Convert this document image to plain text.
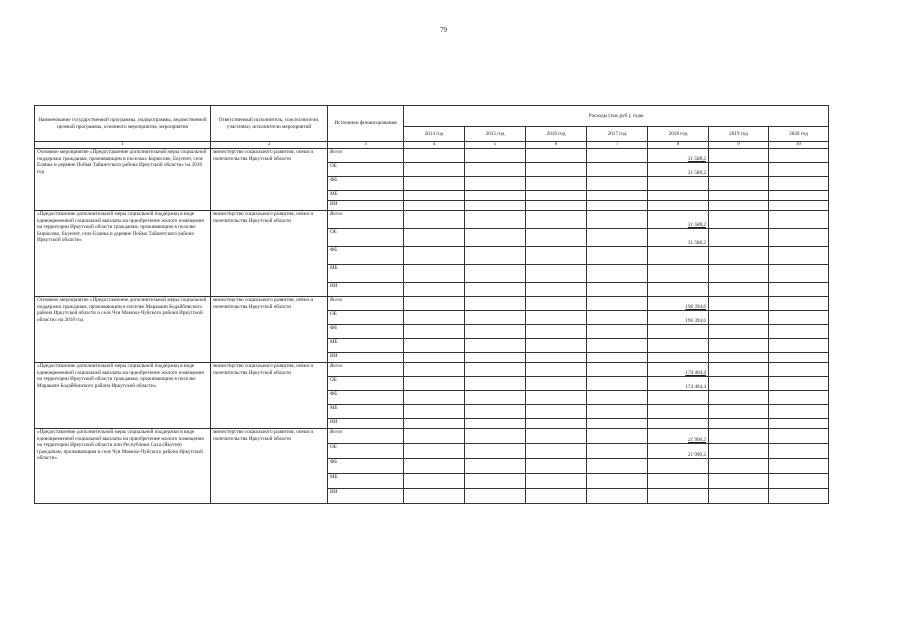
79
Наименование государственной программы, подпрограммы, ведомственной целевой программы, основного мероприятия, мероприятия	Ответственный исполнитель, соисполнители, участники, исполнители мероприятий	Источники финансирования	Расходы (тыс.руб.), годы						
			2014 год	2015 год	2016 год	2017 год	2018 год	2019 год	2020 год
1	2	3	4	5	6	7	8	9	10
Основное мероприятие «Предоставление дополнительной меры социальной поддержки гражданам, проживающим в поселках Бирюсово, Екунчет, селе Еланка и деревне Пойма Тайшетского района Иркутской области» на 2018 год	министерство социального развития, опеки и попечительства Иркутской области	Всего					31 588,2		
		ОБ					31 588,2		
		ФБ							
		МБ							
		ИИ							
«Предоставление дополнительной меры социальной поддержки в виде единовременной социальной выплаты на приобретение жилого помещения на территории Иркутской области гражданам, проживающим в поселке Бирюсово, Екунчет, селе Еланка и деревне Пойма Тайшетского района Иркутской области»	министерство социального развития, опеки и попечительства Иркутской области	Всего					31 588,2		
		ОБ					31 588,2		
		ФБ							
		МБ							
		ИИ							
Основное мероприятие «Предоставление дополнительной меры социальной поддержки гражданам, проживающим в поселке Мараканн Бодайбинского района Иркутской области и селе Чуя Мамско-Чуйского района Иркутской области» на 2018 год	министерство социального развития, опеки и попечительства Иркутской области	Всего					196 394,6		
		ОБ					196 394,6		
		ФБ							
		МБ							
		ИИ							
«Предоставление дополнительной меры социальной поддержки в виде единовременной социальной выплаты на приобретение жилого помещения на территории Иркутской области гражданам, проживающим в поселке Мараканн Бодайбинского района Иркутской области»	министерство социального развития, опеки и попечительства Иркутской области	Всего					174 404,4		
		ОБ					174 404,4		
		ФБ							
		МБ							
		ИИ							
«Предоставление дополнительной меры социальной поддержки в виде единовременной социальной выплаты на приобретение жилого помещения на территории Иркутской области или Республики Саха (Якутия) гражданам, проживающим в селе Чуя Мамско-Чуйского района Иркутской области»	министерство социального развития, опеки и попечительства Иркутской области	Всего					21 990,2		
		ОБ					21 990,2		
		ФБ							
		МБ							
		ИИ							
